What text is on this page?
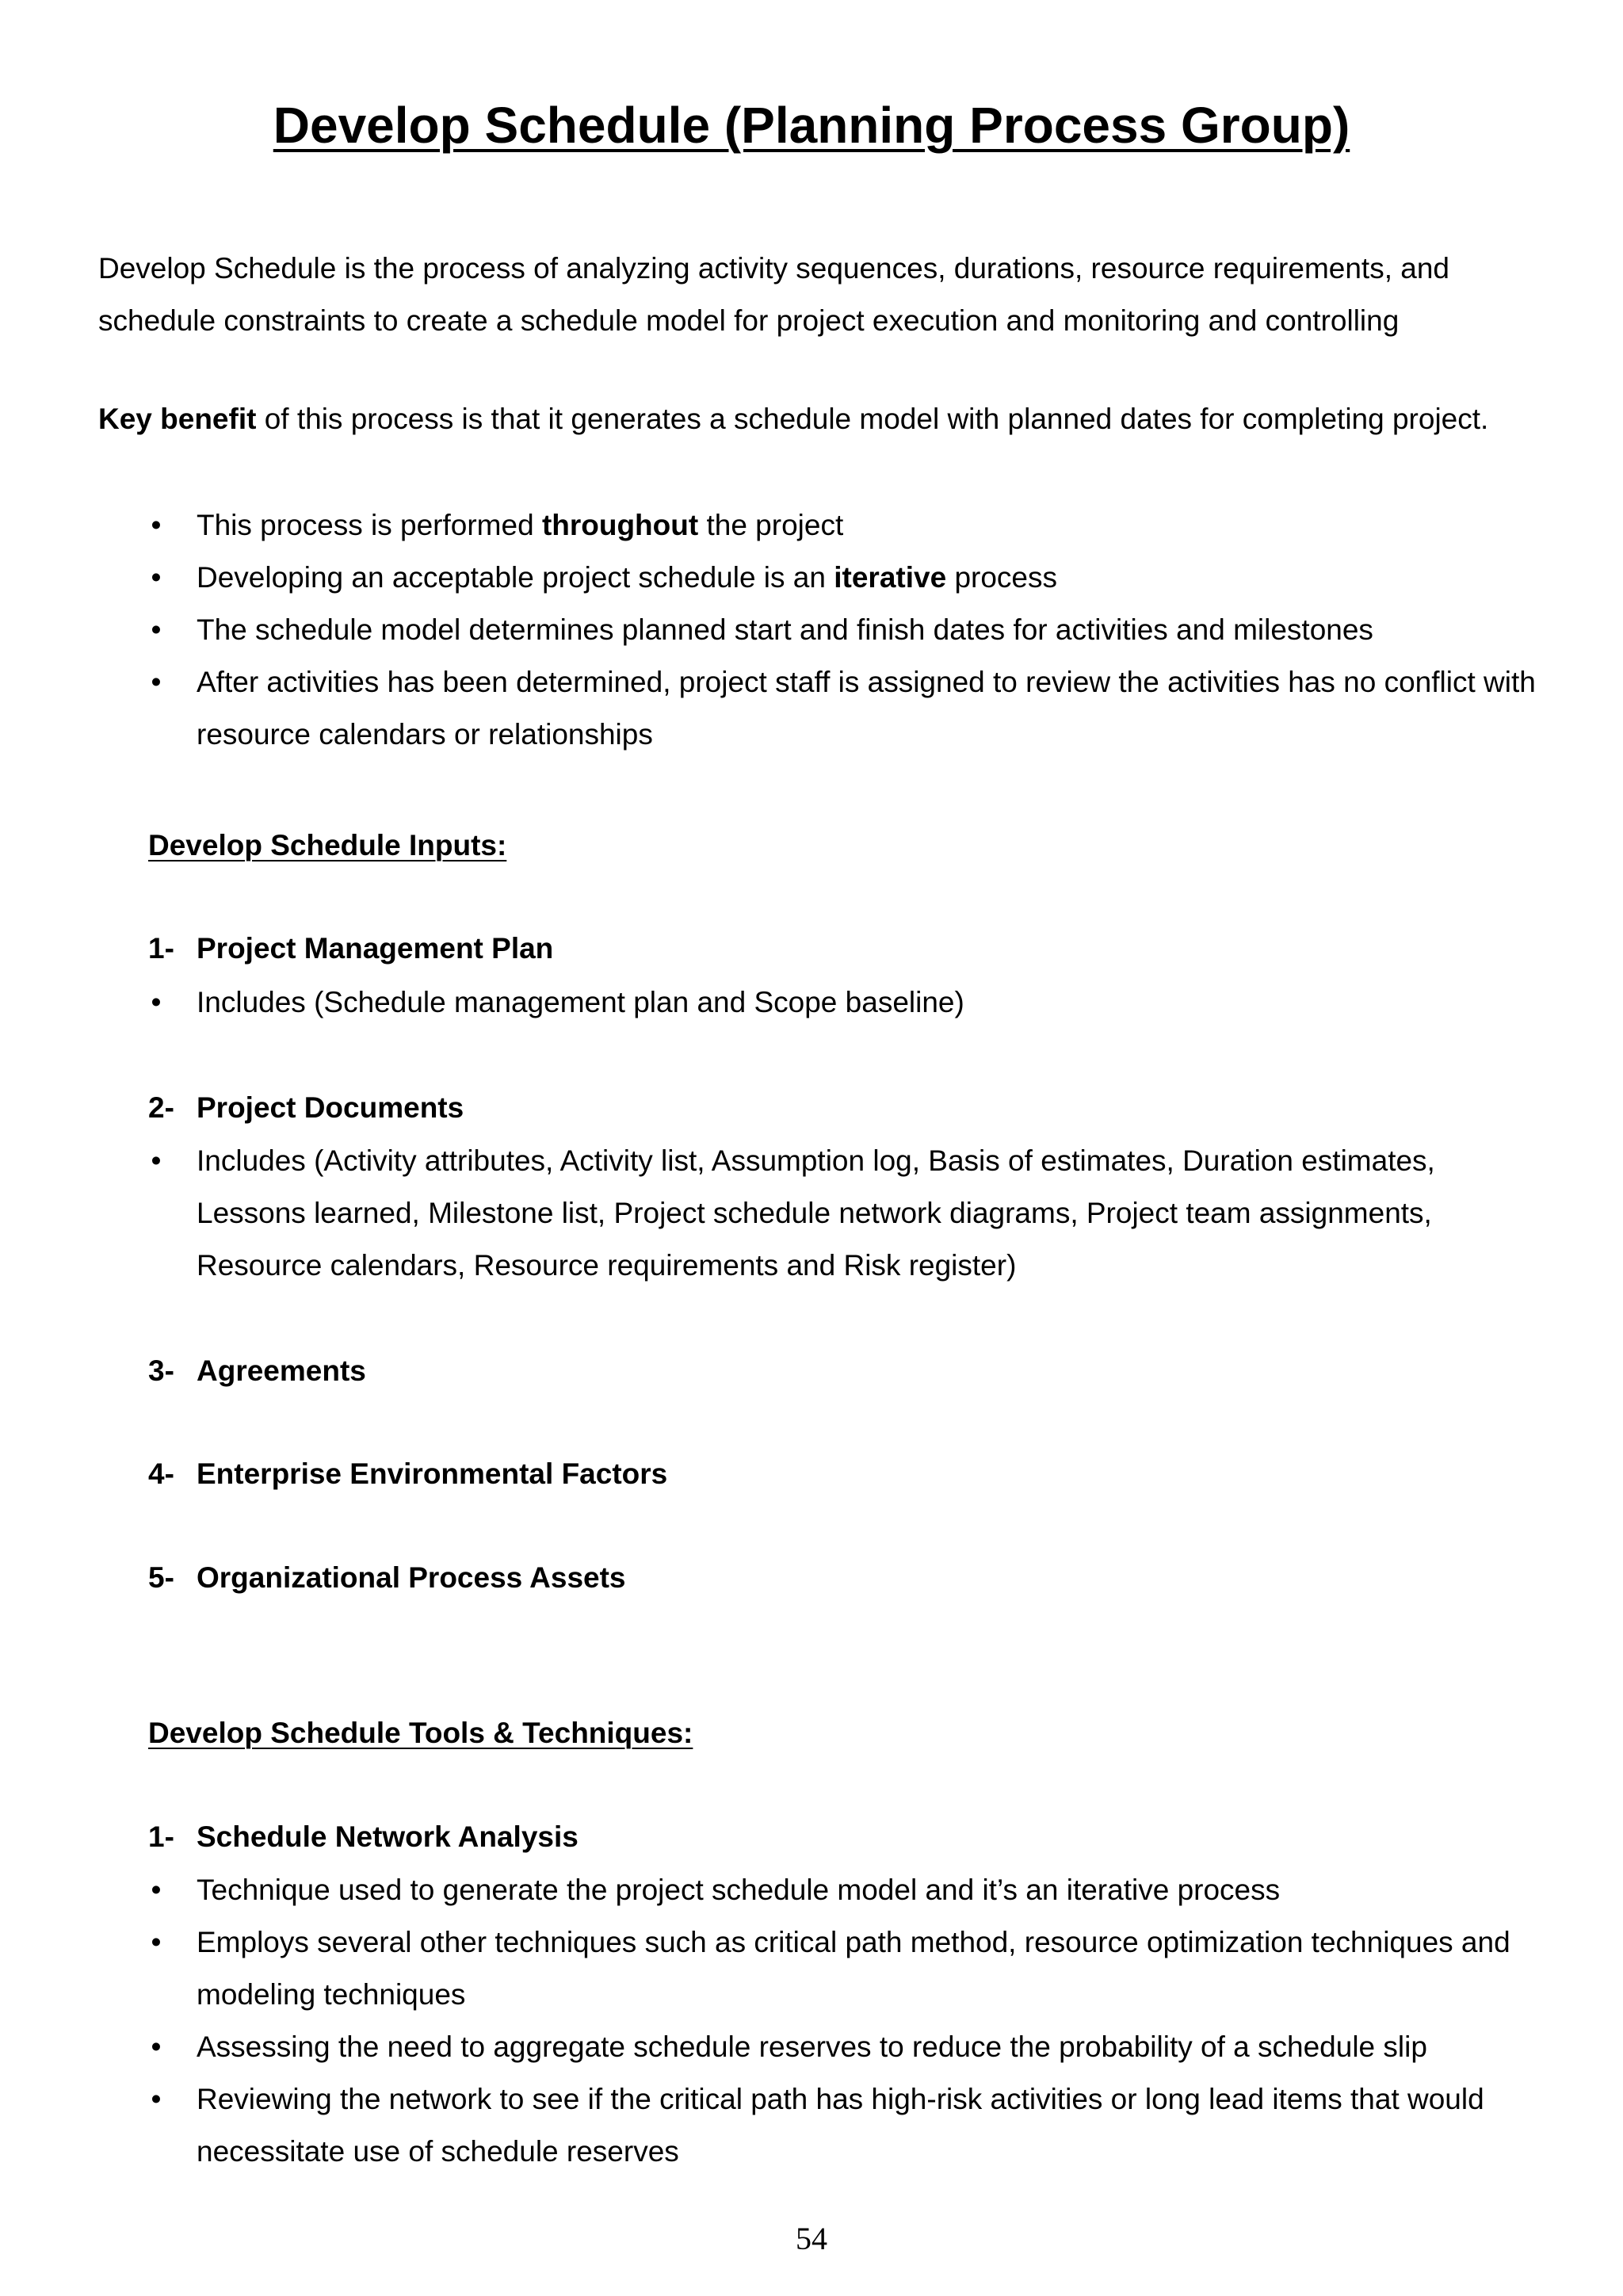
Develop Schedule (Planning Process Group)
Develop Schedule is the process of analyzing activity sequences, durations, resource requirements, and schedule constraints to create a schedule model for project execution and monitoring and controlling
Key benefit of this process is that it generates a schedule model with planned dates for completing project.
• This process is performed throughout the project
• Developing an acceptable project schedule is an iterative process
• The schedule model determines planned start and finish dates for activities and milestones
• After activities has been determined, project staff is assigned to review the activities has no conflict with resource calendars or relationships
Develop Schedule Inputs:
1- Project Management Plan
• Includes (Schedule management plan and Scope baseline)
2- Project Documents
• Includes (Activity attributes, Activity list, Assumption log, Basis of estimates, Duration estimates, Lessons learned, Milestone list, Project schedule network diagrams, Project team assignments, Resource calendars, Resource requirements and Risk register)
3- Agreements
4- Enterprise Environmental Factors
5- Organizational Process Assets
Develop Schedule Tools & Techniques:
1- Schedule Network Analysis
• Technique used to generate the project schedule model and it’s an iterative process
• Employs several other techniques such as critical path method, resource optimization techniques and modeling techniques
• Assessing the need to aggregate schedule reserves to reduce the probability of a schedule slip
• Reviewing the network to see if the critical path has high-risk activities or long lead items that would necessitate use of schedule reserves
54
